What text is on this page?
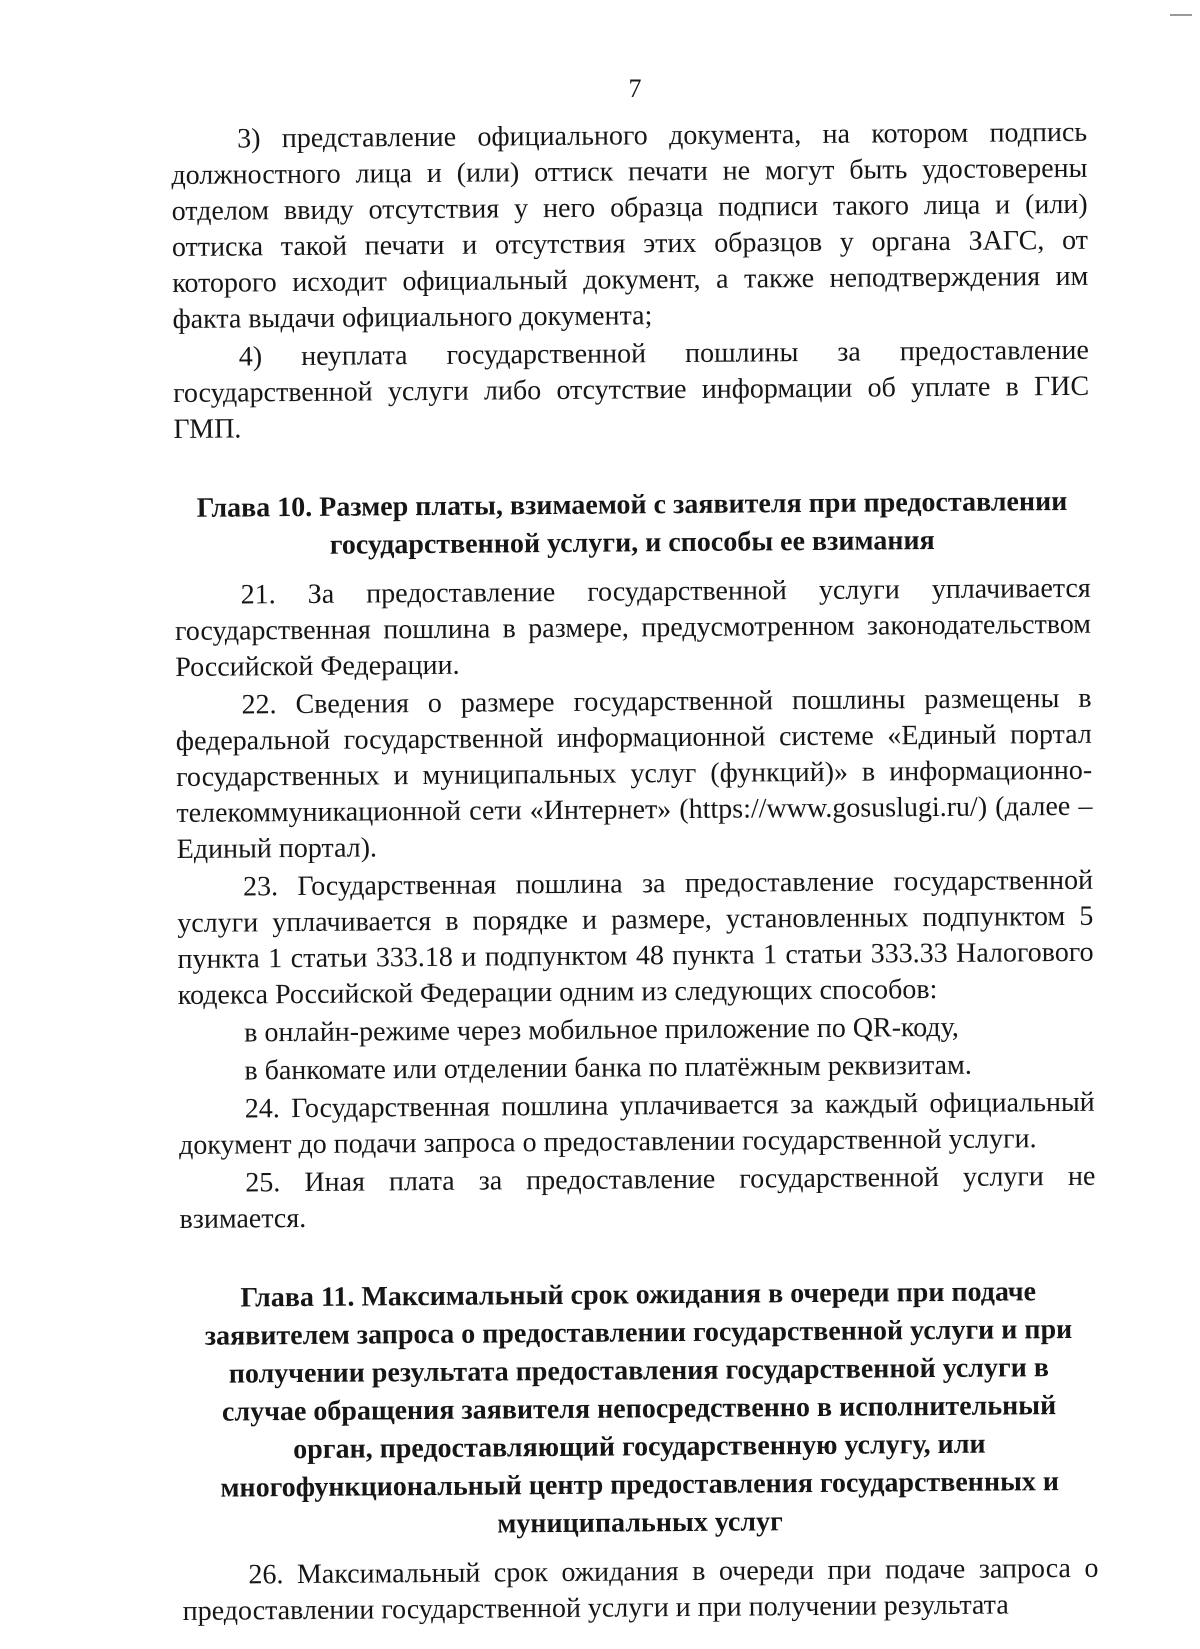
7

3) представление официального документа, на котором подпись должностного лица и (или) оттиск печати не могут быть удостоверены отделом ввиду отсутствия у него образца подписи такого лица и (или) оттиска такой печати и отсутствия этих образцов у органа ЗАГС, от которого исходит официальный документ, а также неподтверждения им факта выдачи официального документа;

4) неуплата государственной пошлины за предоставление государственной услуги либо отсутствие информации об уплате в ГИС ГМП.

Глава 10. Размер платы, взимаемой с заявителя при предоставлении государственной услуги, и способы ее взимания

21. За предоставление государственной услуги уплачивается государственная пошлина в размере, предусмотренном законодательством Российской Федерации.

22. Сведения о размере государственной пошлины размещены в федеральной государственной информационной системе «Единый портал государственных и муниципальных услуг (функций)» в информационно-телекоммуникационной сети «Интернет» (https://www.gosuslugi.ru/) (далее – Единый портал).

23. Государственная пошлина за предоставление государственной услуги уплачивается в порядке и размере, установленных подпунктом 5 пункта 1 статьи 333.18 и подпунктом 48 пункта 1 статьи 333.33 Налогового кодекса Российской Федерации одним из следующих способов:

в онлайн-режиме через мобильное приложение по QR-коду,

в банкомате или отделении банка по платёжным реквизитам.

24. Государственная пошлина уплачивается за каждый официальный документ до подачи запроса о предоставлении государственной услуги.

25. Иная плата за предоставление государственной услуги не взимается.

Глава 11. Максимальный срок ожидания в очереди при подаче заявителем запроса о предоставлении государственной услуги и при получении результата предоставления государственной услуги в случае обращения заявителя непосредственно в исполнительный орган, предоставляющий государственную услугу, или многофункциональный центр предоставления государственных и муниципальных услуг

26. Максимальный срок ожидания в очереди при подаче запроса о предоставлении государственной услуги и при получении результата
